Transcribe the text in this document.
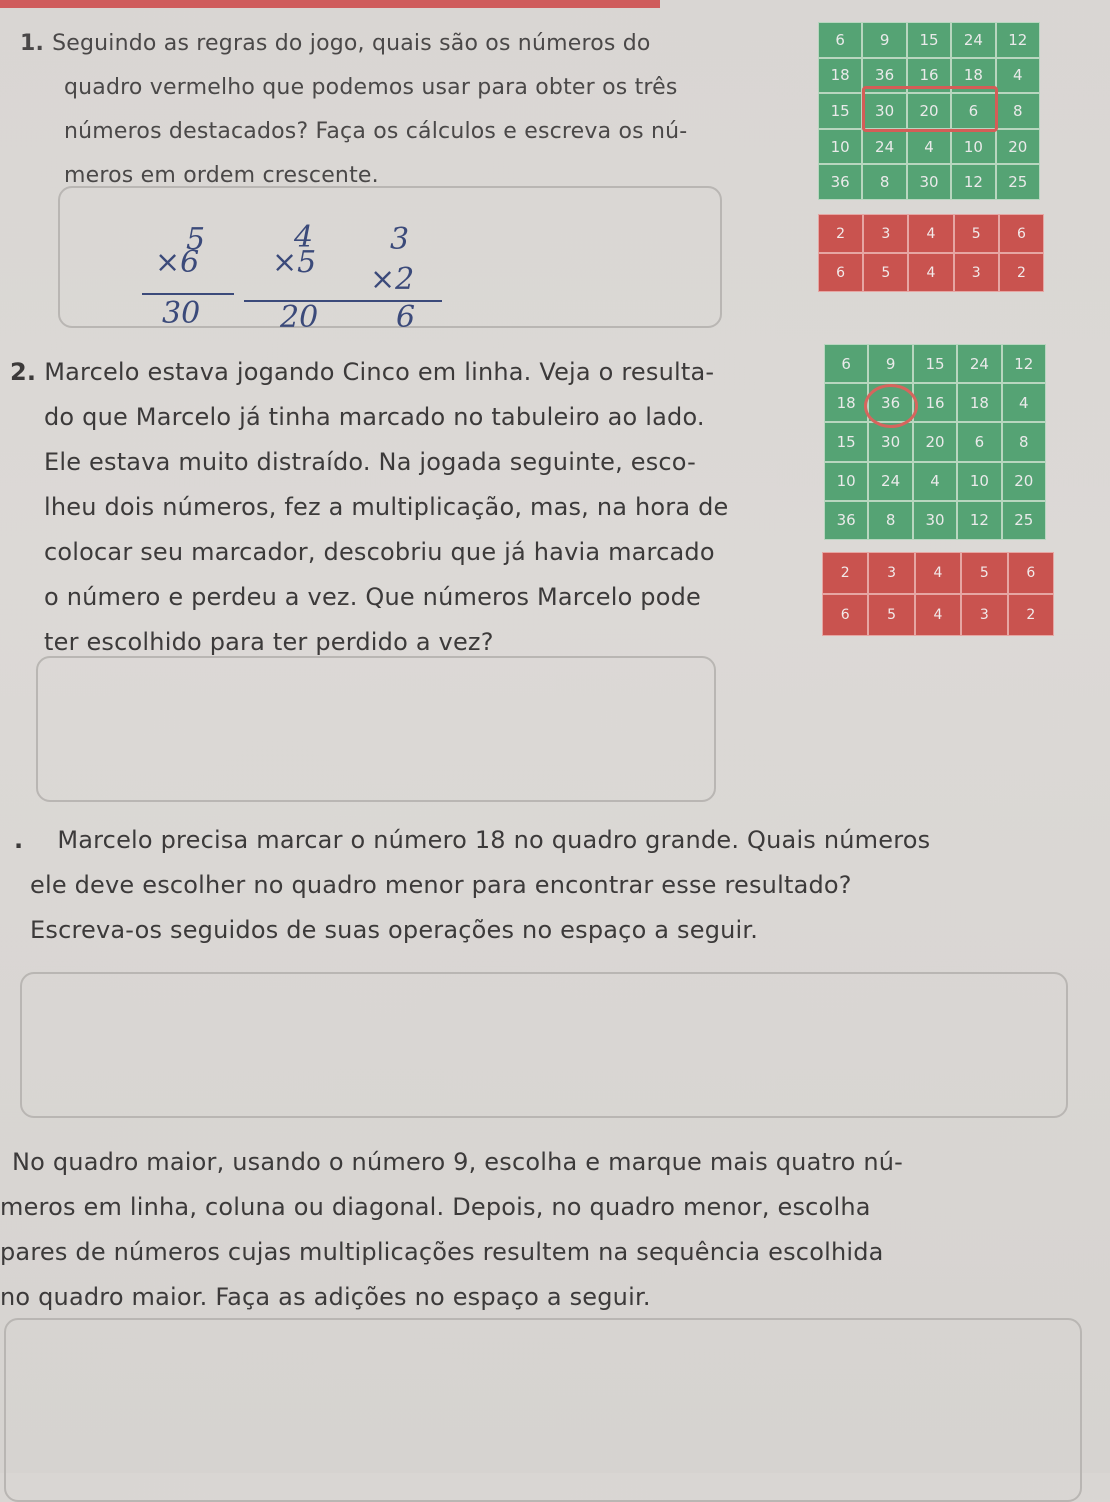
1. Seguindo as regras do jogo, quais são os números do
quadro vermelho que podemos usar para obter os três
números destacados? Faça os cálculos e escreva os nú-
meros em ordem crescente.
6	9	15	24	12
18	36	16	18	4
15	30	20	6	8
10	24	4	10	20
36	8	30	12	25
2	3	4	5	6
6	5	4	3	2
5
×6
30
4
×5
20
3
×2
6
2. Marcelo estava jogando Cinco em linha. Veja o resulta-
do que Marcelo já tinha marcado no tabuleiro ao lado.
Ele estava muito distraído. Na jogada seguinte, esco-
lheu dois números, fez a multiplicação, mas, na hora de
colocar seu marcador, descobriu que já havia marcado
o número e perdeu a vez. Que números Marcelo pode
ter escolhido para ter perdido a vez?
6	9	15	24	12
18	36	16	18	4
15	30	20	6	8
10	24	4	10	20
36	8	30	12	25
2	3	4	5	6
6	5	4	3	2
. Marcelo precisa marcar o número 18 no quadro grande. Quais números
ele deve escolher no quadro menor para encontrar esse resultado?
Escreva-os seguidos de suas operações no espaço a seguir.
No quadro maior, usando o número 9, escolha e marque mais quatro nú-
meros em linha, coluna ou diagonal. Depois, no quadro menor, escolha
pares de números cujas multiplicações resultem na sequência escolhida
no quadro maior. Faça as adições no espaço a seguir.
